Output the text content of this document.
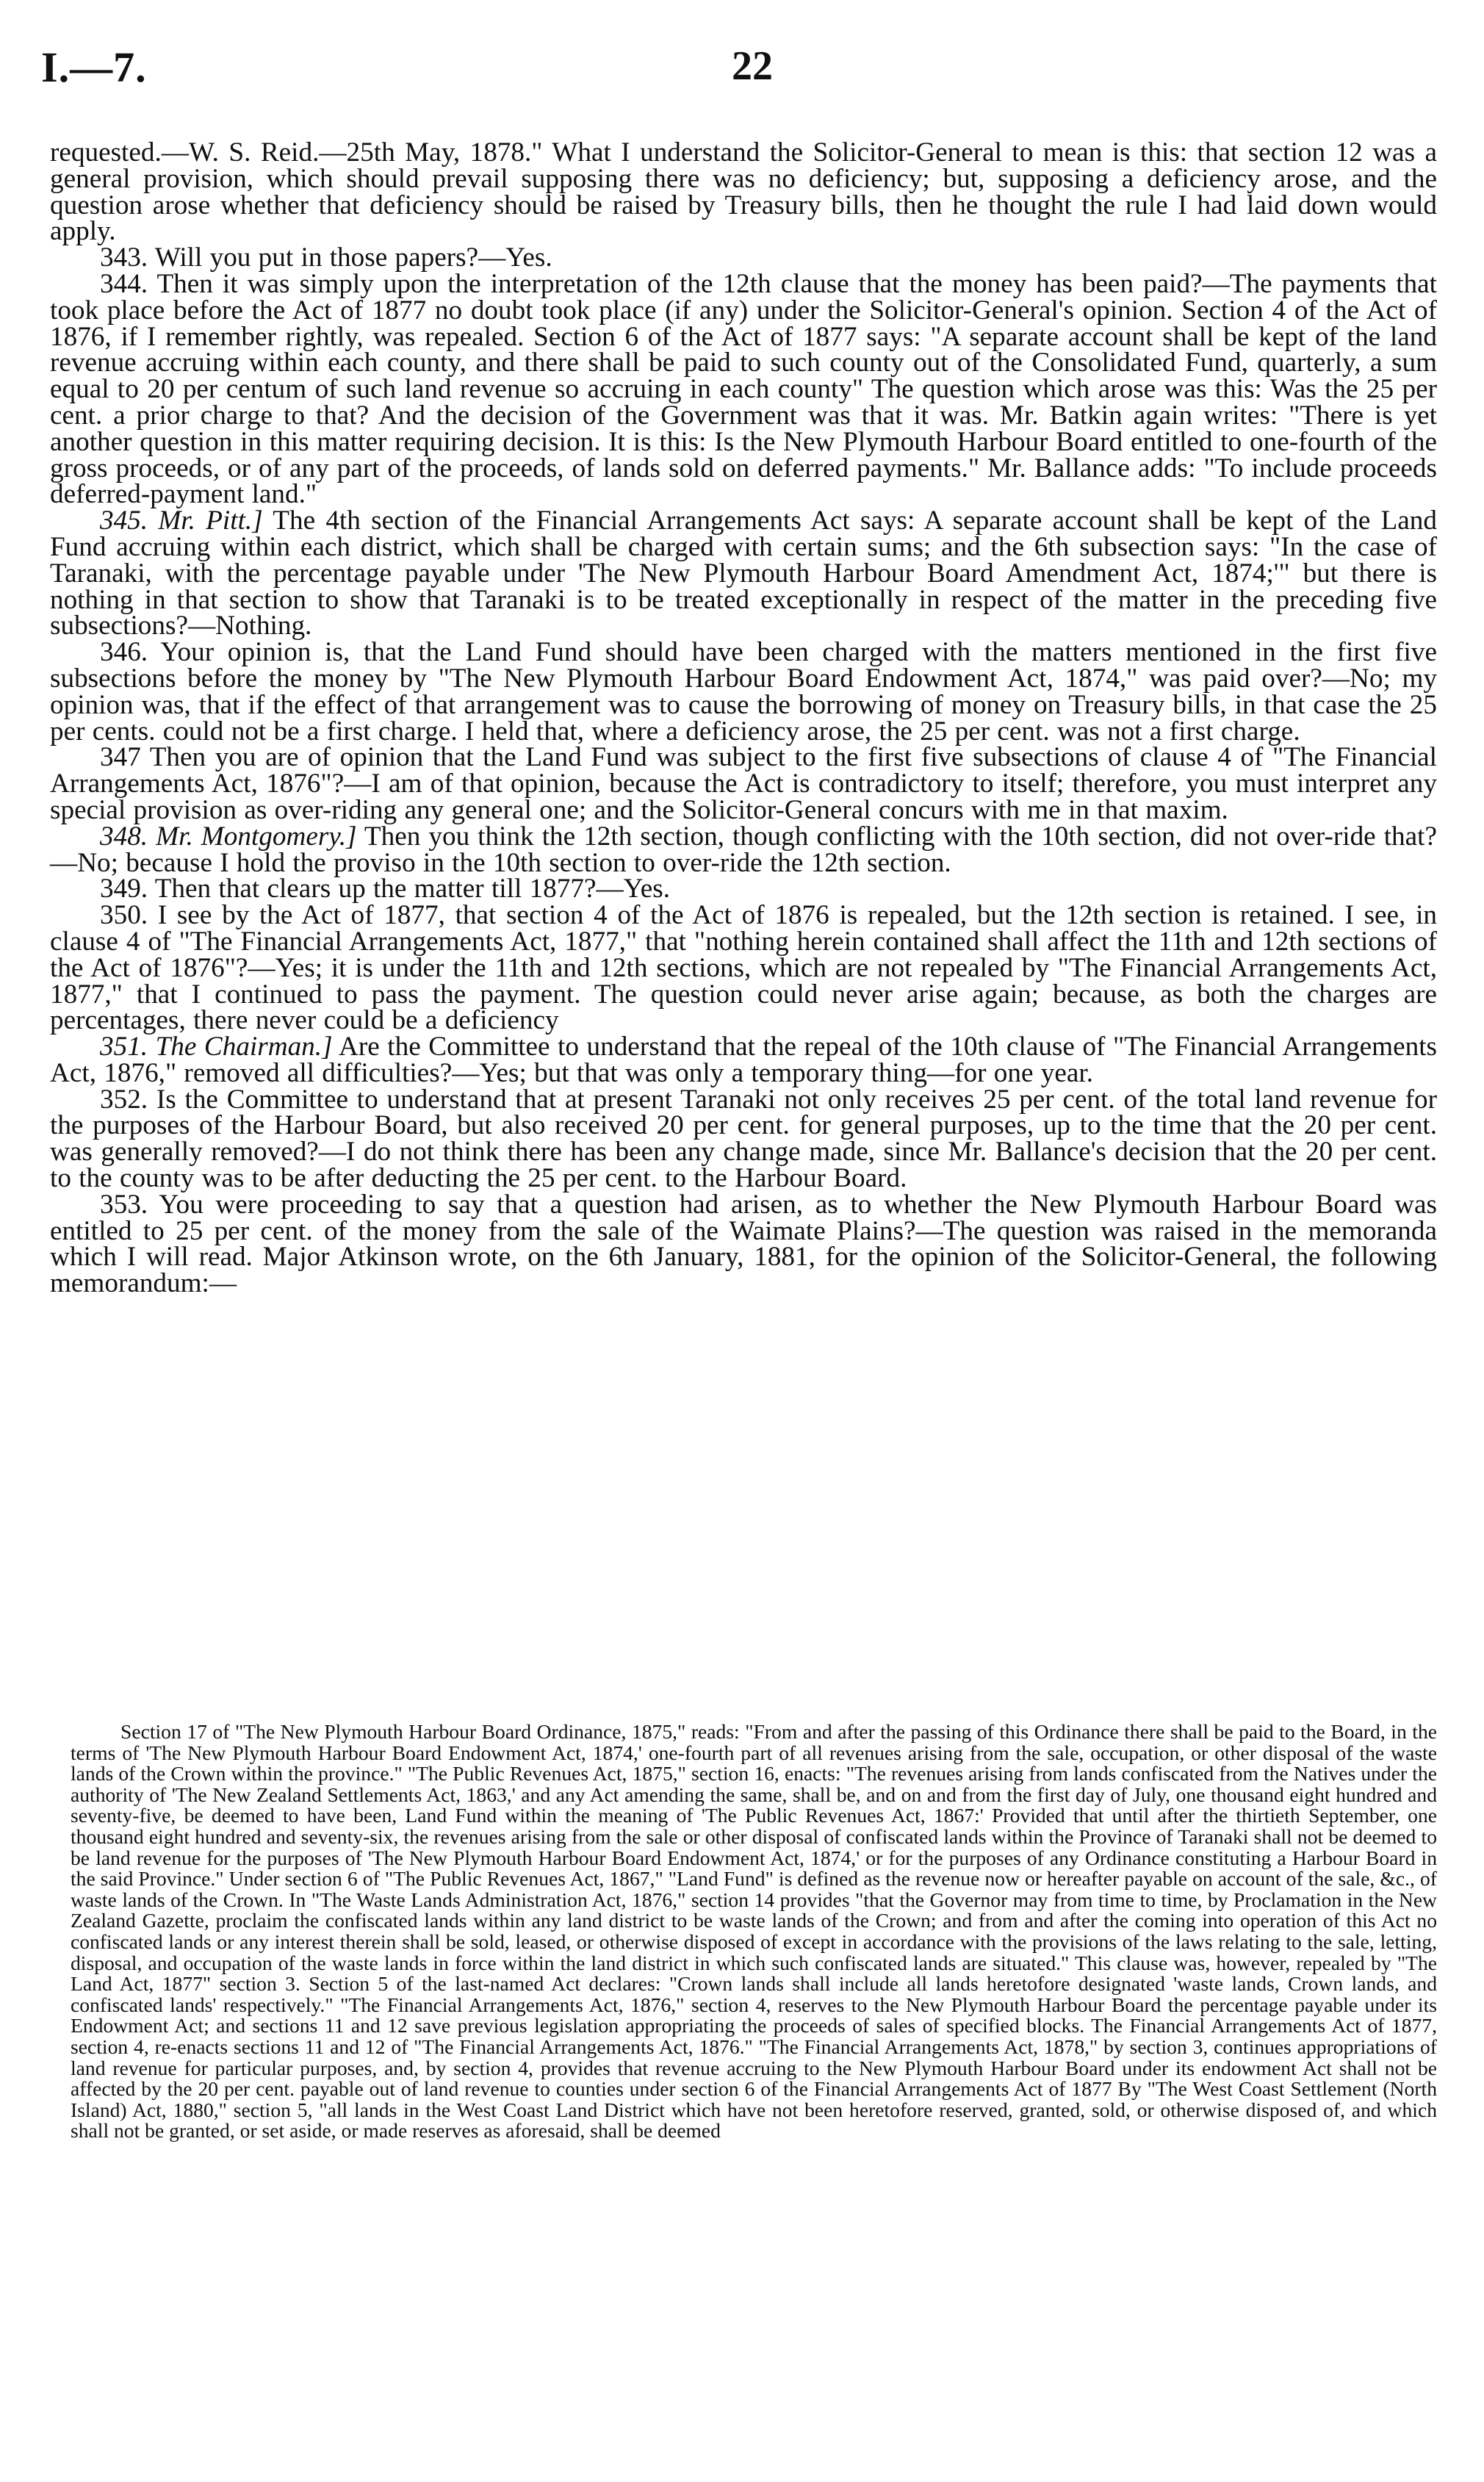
I.—7.	22

requested.—W. S. Reid.—25th May, 1878." What I understand the Solicitor-General to mean is this: that section 12 was a general provision, which should prevail supposing there was no deficiency; but, supposing a deficiency arose, and the question arose whether that deficiency should be raised by Treasury bills, then he thought the rule I had laid down would apply.

343. Will you put in those papers?—Yes.

344. Then it was simply upon the interpretation of the 12th clause that the money has been paid?—The payments that took place before the Act of 1877 no doubt took place (if any) under the Solicitor-General's opinion. Section 4 of the Act of 1876, if I remember rightly, was repealed. Section 6 of the Act of 1877 says: "A separate account shall be kept of the land revenue accruing within each county, and there shall be paid to such county out of the Consolidated Fund, quarterly, a sum equal to 20 per centum of such land revenue so accruing in each county" The question which arose was this: Was the 25 per cent. a prior charge to that? And the decision of the Government was that it was. Mr. Batkin again writes: "There is yet another question in this matter requiring decision. It is this: Is the New Plymouth Harbour Board entitled to one-fourth of the gross proceeds, or of any part of the proceeds, of lands sold on deferred payments." Mr. Ballance adds: "To include proceeds deferred-payment land."

345. Mr. Pitt.] The 4th section of the Financial Arrangements Act says: A separate account shall be kept of the Land Fund accruing within each district, which shall be charged with certain sums; and the 6th subsection says: "In the case of Taranaki, with the percentage payable under 'The New Plymouth Harbour Board Amendment Act, 1874;'" but there is nothing in that section to show that Taranaki is to be treated exceptionally in respect of the matter in the preceding five subsections?—Nothing.

346. Your opinion is, that the Land Fund should have been charged with the matters mentioned in the first five subsections before the money by "The New Plymouth Harbour Board Endowment Act, 1874," was paid over?—No; my opinion was, that if the effect of that arrangement was to cause the borrowing of money on Treasury bills, in that case the 25 per cents. could not be a first charge. I held that, where a deficiency arose, the 25 per cent. was not a first charge.

347 Then you are of opinion that the Land Fund was subject to the first five subsections of clause 4 of "The Financial Arrangements Act, 1876"?—I am of that opinion, because the Act is contradictory to itself; therefore, you must interpret any special provision as over-riding any general one; and the Solicitor-General concurs with me in that maxim.

348. Mr. Montgomery.] Then you think the 12th section, though conflicting with the 10th section, did not over-ride that?—No; because I hold the proviso in the 10th section to over-ride the 12th section.

349. Then that clears up the matter till 1877?—Yes.

350. I see by the Act of 1877, that section 4 of the Act of 1876 is repealed, but the 12th section is retained. I see, in clause 4 of "The Financial Arrangements Act, 1877," that "nothing herein contained shall affect the 11th and 12th sections of the Act of 1876"?—Yes; it is under the 11th and 12th sections, which are not repealed by "The Financial Arrangements Act, 1877," that I continued to pass the payment. The question could never arise again; because, as both the charges are percentages, there never could be a deficiency

351. The Chairman.] Are the Committee to understand that the repeal of the 10th clause of "The Financial Arrangements Act, 1876," removed all difficulties?—Yes; but that was only a temporary thing—for one year.

352. Is the Committee to understand that at present Taranaki not only receives 25 per cent. of the total land revenue for the purposes of the Harbour Board, but also received 20 per cent. for general purposes, up to the time that the 20 per cent. was generally removed?—I do not think there has been any change made, since Mr. Ballance's decision that the 20 per cent. to the county was to be after deducting the 25 per cent. to the Harbour Board.

353. You were proceeding to say that a question had arisen, as to whether the New Plymouth Harbour Board was entitled to 25 per cent. of the money from the sale of the Waimate Plains?—The question was raised in the memoranda which I will read. Major Atkinson wrote, on the 6th January, 1881, for the opinion of the Solicitor-General, the following memorandum:—

Section 17 of "The New Plymouth Harbour Board Ordinance, 1875," reads: "From and after the passing of this Ordinance there shall be paid to the Board, in the terms of 'The New Plymouth Harbour Board Endowment Act, 1874,' one-fourth part of all revenues arising from the sale, occupation, or other disposal of the waste lands of the Crown within the province." "The Public Revenues Act, 1875," section 16, enacts: "The revenues arising from lands confiscated from the Natives under the authority of 'The New Zealand Settlements Act, 1863,' and any Act amending the same, shall be, and on and from the first day of July, one thousand eight hundred and seventy-five, be deemed to have been, Land Fund within the meaning of 'The Public Revenues Act, 1867:' Provided that until after the thirtieth September, one thousand eight hundred and seventy-six, the revenues arising from the sale or other disposal of confiscated lands within the Province of Taranaki shall not be deemed to be land revenue for the purposes of 'The New Plymouth Harbour Board Endowment Act, 1874,' or for the purposes of any Ordinance constituting a Harbour Board in the said Province." Under section 6 of "The Public Revenues Act, 1867," "Land Fund" is defined as the revenue now or hereafter payable on account of the sale, &c., of waste lands of the Crown. In "The Waste Lands Administration Act, 1876," section 14 provides "that the Governor may from time to time, by Proclamation in the New Zealand Gazette, proclaim the confiscated lands within any land district to be waste lands of the Crown; and from and after the coming into operation of this Act no confiscated lands or any interest therein shall be sold, leased, or otherwise disposed of except in accordance with the provisions of the laws relating to the sale, letting, disposal, and occupation of the waste lands in force within the land district in which such confiscated lands are situated." This clause was, however, repealed by "The Land Act, 1877" section 3. Section 5 of the last-named Act declares: "Crown lands shall include all lands heretofore designated 'waste lands, Crown lands, and confiscated lands' respectively." "The Financial Arrangements Act, 1876," section 4, reserves to the New Plymouth Harbour Board the percentage payable under its Endowment Act; and sections 11 and 12 save previous legislation appropriating the proceeds of sales of specified blocks. The Financial Arrangements Act of 1877, section 4, re-enacts sections 11 and 12 of "The Financial Arrangements Act, 1876." "The Financial Arrangements Act, 1878," by section 3, continues appropriations of land revenue for particular purposes, and, by section 4, provides that revenue accruing to the New Plymouth Harbour Board under its endowment Act shall not be affected by the 20 per cent. payable out of land revenue to counties under section 6 of the Financial Arrangements Act of 1877 By "The West Coast Settlement (North Island) Act, 1880," section 5, "all lands in the West Coast Land District which have not been heretofore reserved, granted, sold, or otherwise disposed of, and which shall not be granted, or set aside, or made reserves as aforesaid, shall be deemed
